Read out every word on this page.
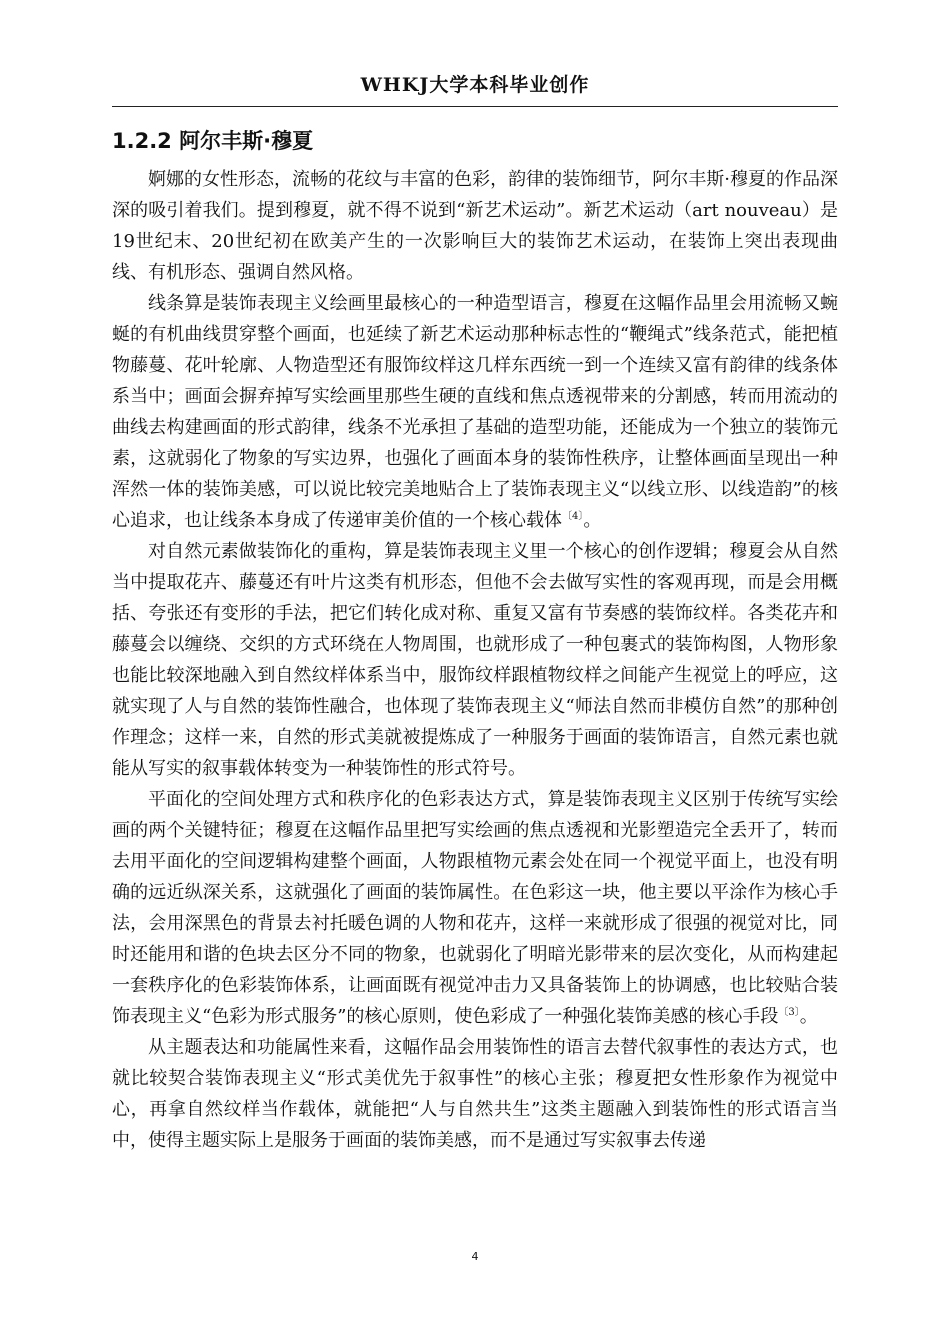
WHKJ大学本科毕业创作
1.2.2 阿尔丰斯·穆夏

婀娜的女性形态，流畅的花纹与丰富的色彩，韵律的装饰细节，阿尔丰斯·穆夏的作品深深的吸引着我们。提到穆夏，就不得不说到“新艺术运动”。新艺术运动（art nouveau）是19世纪末、20世纪初在欧美产生的一次影响巨大的装饰艺术运动，在装饰上突出表现曲线、有机形态、强调自然风格。

线条算是装饰表现主义绘画里最核心的一种造型语言，穆夏在这幅作品里会用流畅又蜿蜒的有机曲线贯穿整个画面，也延续了新艺术运动那种标志性的“鞭绳式”线条范式，能把植物藤蔓、花叶轮廓、人物造型还有服饰纹样这几样东西统一到一个连续又富有韵律的线条体系当中；画面会摒弃掉写实绘画里那些生硬的直线和焦点透视带来的分割感，转而用流动的曲线去构建画面的形式韵律，线条不光承担了基础的造型功能，还能成为一个独立的装饰元素，这就弱化了物象的写实边界，也强化了画面本身的装饰性秩序，让整体画面呈现出一种浑然一体的装饰美感，可以说比较完美地贴合上了装饰表现主义“以线立形、以线造韵”的核心追求，也让线条本身成了传递审美价值的一个核心载体$^{〔4〕}$。

对自然元素做装饰化的重构，算是装饰表现主义里一个核心的创作逻辑；穆夏会从自然当中提取花卉、藤蔓还有叶片这类有机形态，但他不会去做写实性的客观再现，而是会用概括、夸张还有变形的手法，把它们转化成对称、重复又富有节奏感的装饰纹样。各类花卉和藤蔓会以缠绕、交织的方式环绕在人物周围，也就形成了一种包裹式的装饰构图，人物形象也能比较深地融入到自然纹样体系当中，服饰纹样跟植物纹样之间能产生视觉上的呼应，这就实现了人与自然的装饰性融合，也体现了装饰表现主义“师法自然而非模仿自然”的那种创作理念；这样一来，自然的形式美就被提炼成了一种服务于画面的装饰语言，自然元素也就能从写实的叙事载体转变为一种装饰性的形式符号。

平面化的空间处理方式和秩序化的色彩表达方式，算是装饰表现主义区别于传统写实绘画的两个关键特征；穆夏在这幅作品里把写实绘画的焦点透视和光影塑造完全丢开了，转而去用平面化的空间逻辑构建整个画面，人物跟植物元素会处在同一个视觉平面上，也没有明确的远近纵深关系，这就强化了画面的装饰属性。在色彩这一块，他主要以平涂作为核心手法，会用深黑色的背景去衬托暖色调的人物和花卉，这样一来就形成了很强的视觉对比，同时还能用和谐的色块去区分不同的物象，也就弱化了明暗光影带来的层次变化，从而构建起一套秩序化的色彩装饰体系，让画面既有视觉冲击力又具备装饰上的协调感，也比较贴合装饰表现主义“色彩为形式服务”的核心原则，使色彩成了一种强化装饰美感的核心手段$^{〔3〕}$。

从主题表达和功能属性来看，这幅作品会用装饰性的语言去替代叙事性的表达方式，也就比较契合装饰表现主义“形式美优先于叙事性”的核心主张；穆夏把女性形象作为视觉中心，再拿自然纹样当作载体，就能把“人与自然共生”这类主题融入到装饰性的形式语言当中，使得主题实际上是服务于画面的装饰美感，而不是通过写实叙事去传递

4
